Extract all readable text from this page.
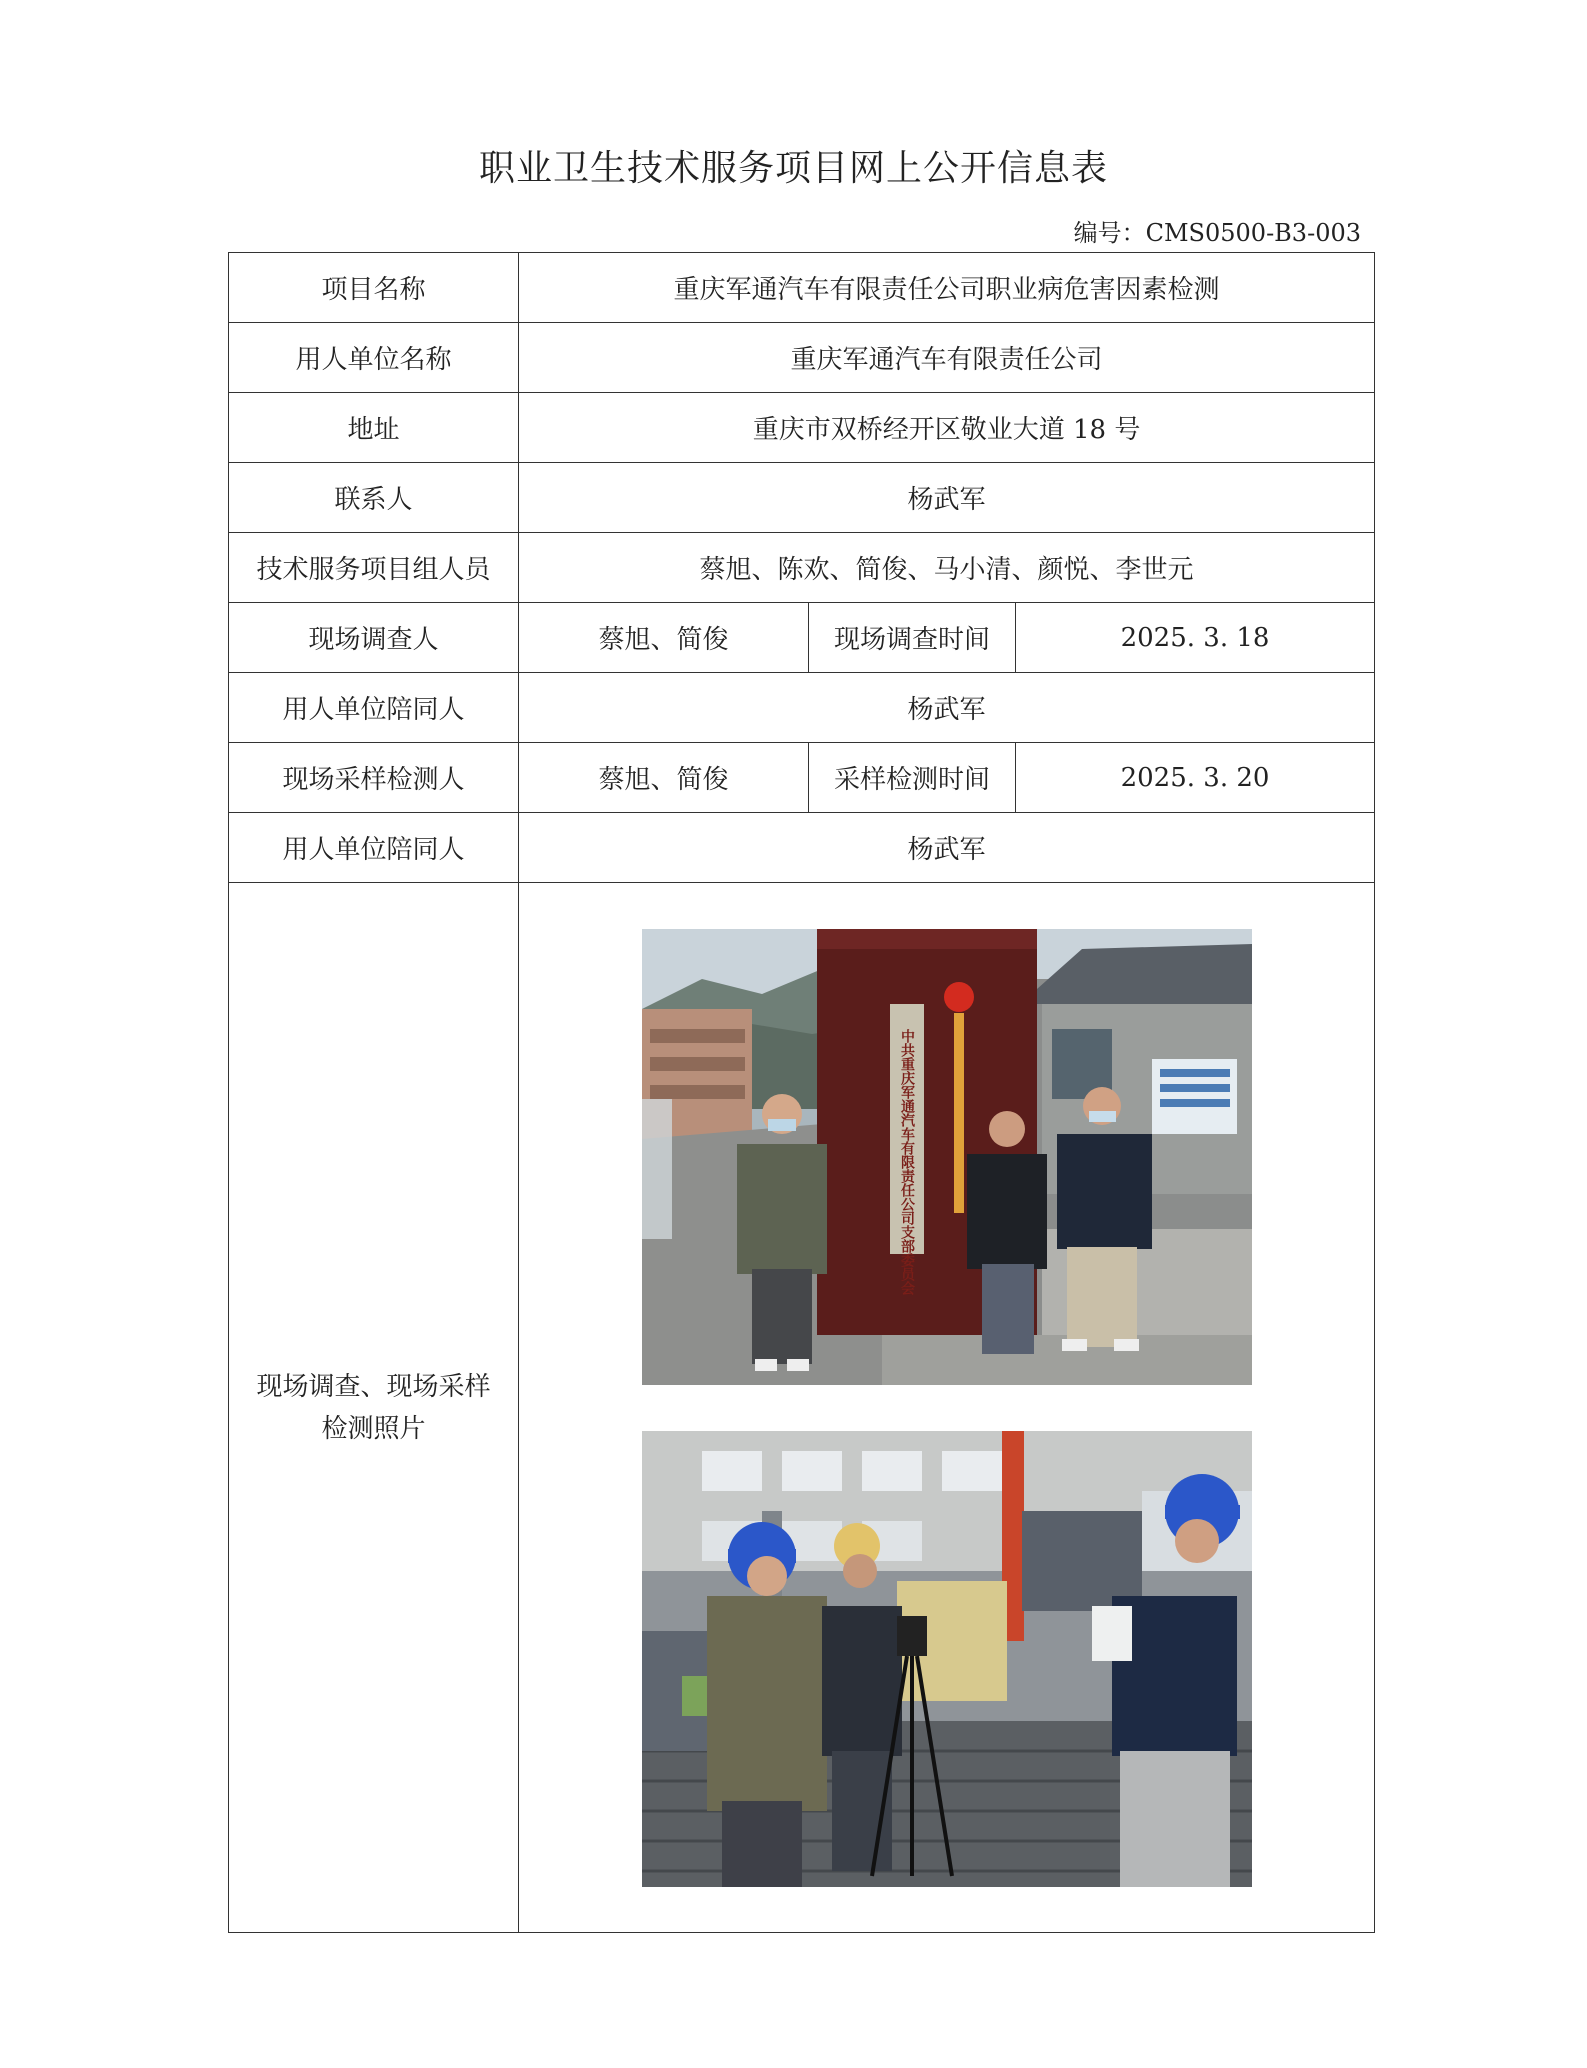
职业卫生技术服务项目网上公开信息表
编号：CMS0500-B3-003
项目名称	重庆军通汽车有限责任公司职业病危害因素检测		
用人单位名称	重庆军通汽车有限责任公司		
地址	重庆市双桥经开区敬业大道 18 号		
联系人	杨武军		
技术服务项目组人员	蔡旭、陈欢、简俊、马小清、颜悦、李世元		
现场调查人	蔡旭、简俊	现场调查时间	2025. 3. 18
用人单位陪同人	杨武军		
现场采样检测人	蔡旭、简俊	采样检测时间	2025. 3. 20
用人单位陪同人	杨武军		
现场调查、现场采样
检测照片	中共重庆军通汽车有限责任公司支部委员会		
